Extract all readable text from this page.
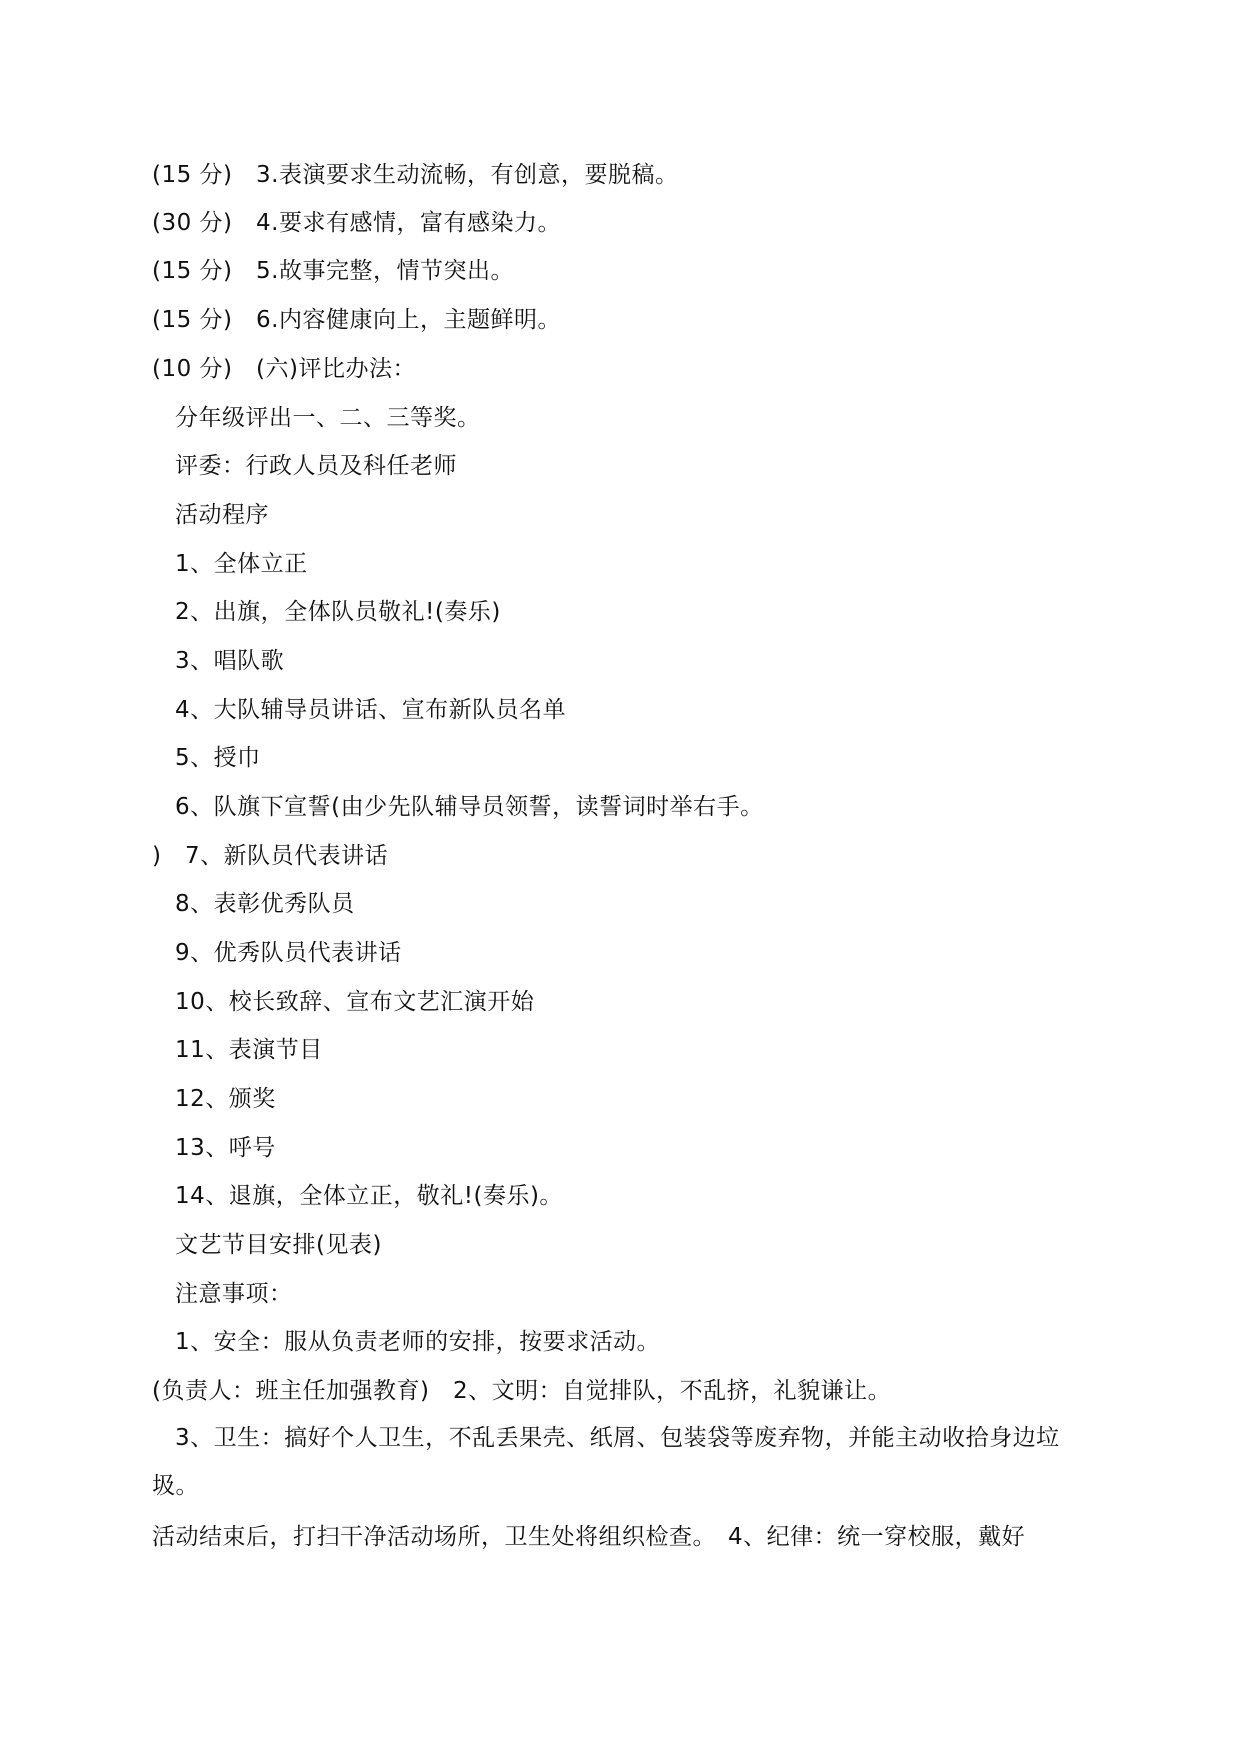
(15 分)　3.表演要求生动流畅，有创意，要脱稿。
(30 分)　4.要求有感情，富有感染力。
(15 分)　5.故事完整，情节突出。
(15 分)　6.内容健康向上，主题鲜明。
(10 分)　(六)评比办法：
分年级评出一、二、三等奖。
评委：行政人员及科任老师
活动程序
1、全体立正
2、出旗，全体队员敬礼!(奏乐)
3、唱队歌
4、大队辅导员讲话、宣布新队员名单
5、授巾
6、队旗下宣誓(由少先队辅导员领誓，读誓词时举右手。
)　7、新队员代表讲话
8、表彰优秀队员
9、优秀队员代表讲话
10、校长致辞、宣布文艺汇演开始
11、表演节目
12、颁奖
13、呼号
14、退旗，全体立正，敬礼!(奏乐)。
文艺节目安排(见表)
注意事项：
1、安全：服从负责老师的安排，按要求活动。
(负责人：班主任加强教育)　2、文明：自觉排队，不乱挤，礼貌谦让。
3、卫生：搞好个人卫生，不乱丢果壳、纸屑、包装袋等废弃物，并能主动收拾身边垃圾。
活动结束后，打扫干净活动场所，卫生处将组织检查。　4、纪律：统一穿校服，戴好
